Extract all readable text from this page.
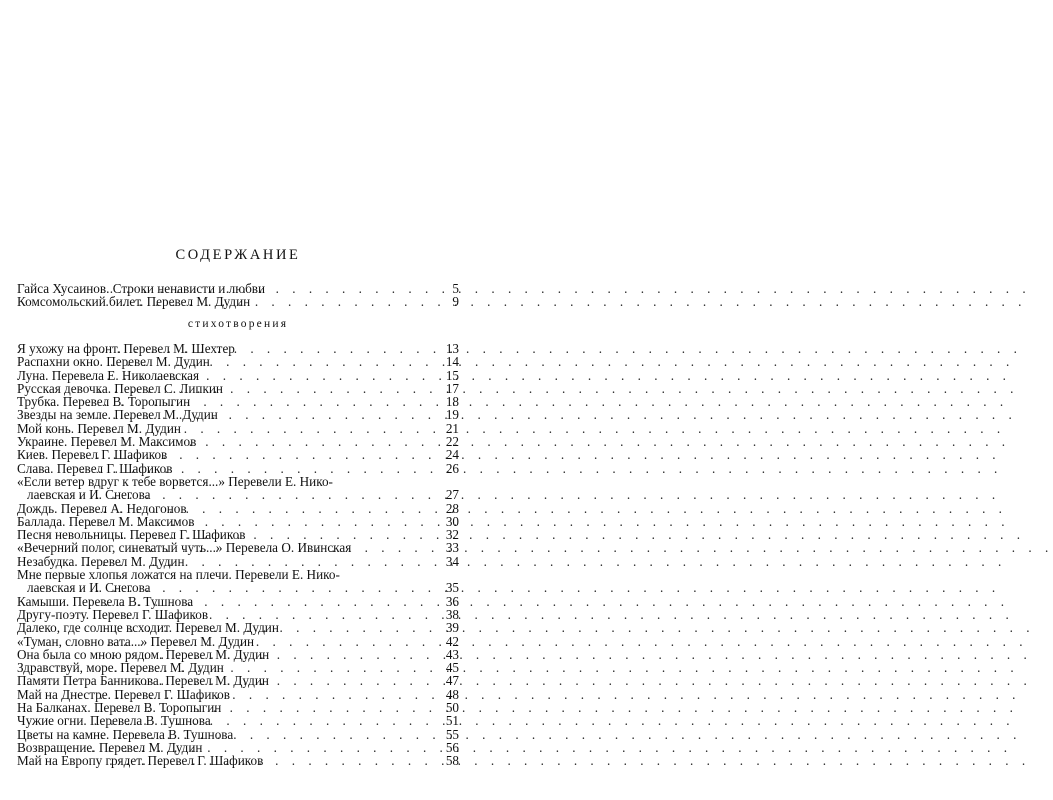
СОДЕРЖАНИЕ
Гайса Хусаинов. Строки ненависти и любви . . .	5
Комсомольский билет. Перевел М. Дудин . . .	9
стихотворения
Я ухожу на фронт. Перевел М. Шехтер . . .	13
Распахни окно. Перевел М. Дудин . . .	14
Луна. Перевела Е. Николаевская . . .	15
Русская девочка. Перевел С. Липкин . . .	17
Трубка. Перевел В. Торопыгин . . .	18
Звезды на земле. Перевел М. Дудин . . .	19
Мой конь. Перевел М. Дудин . . .	21
Украине. Перевел М. Максимов . . .	22
Киев. Перевел Г. Шафиков . . .	24
Слава. Перевел Г. Шафиков . . .	26
«Если ветер вдруг к тебе ворвется...» Перевели Е. Нико-
лаевская и И. Снегова . . .	27
Дождь. Перевел А. Недогонов . . .	28
Баллада. Перевел М. Максимов . . .	30
Песня невольницы. Перевел Г. Шафиков . . .	32
«Вечерний полог, синеватый чуть...» Перевела О. Ивинская . . .	33
Незабудка. Перевел М. Дудин . . .	34
Мне первые хлопья ложатся на плечи. Перевели Е. Нико-
лаевская и И. Снегова . . .	35
Камыши. Перевела В. Тушнова . . .	36
Другу-поэту. Перевел Г. Шафиков . . .	38
Далеко, где солнце всходит. Перевел М. Дудин . . .	39
«Туман, словно вата...» Перевел М. Дудин . . .	42
Она была со мною рядом. Перевел М. Дудин . . .	43
Здравствуй, море. Перевел М. Дудин . . .	45
Памяти Петра Банникова. Перевел М. Дудин . . .	47
Май на Днестре. Перевел Г. Шафиков . . .	48
На Балканах. Перевел В. Торопыгин . . .	50
Чужие огни. Перевела В. Тушнова . . .	51
Цветы на камне. Перевела В. Тушнова . . .	55
Возвращение. Перевел М. Дудин . . .	56
Май на Европу грядет. Перевел Г. Шафиков . . .	58
